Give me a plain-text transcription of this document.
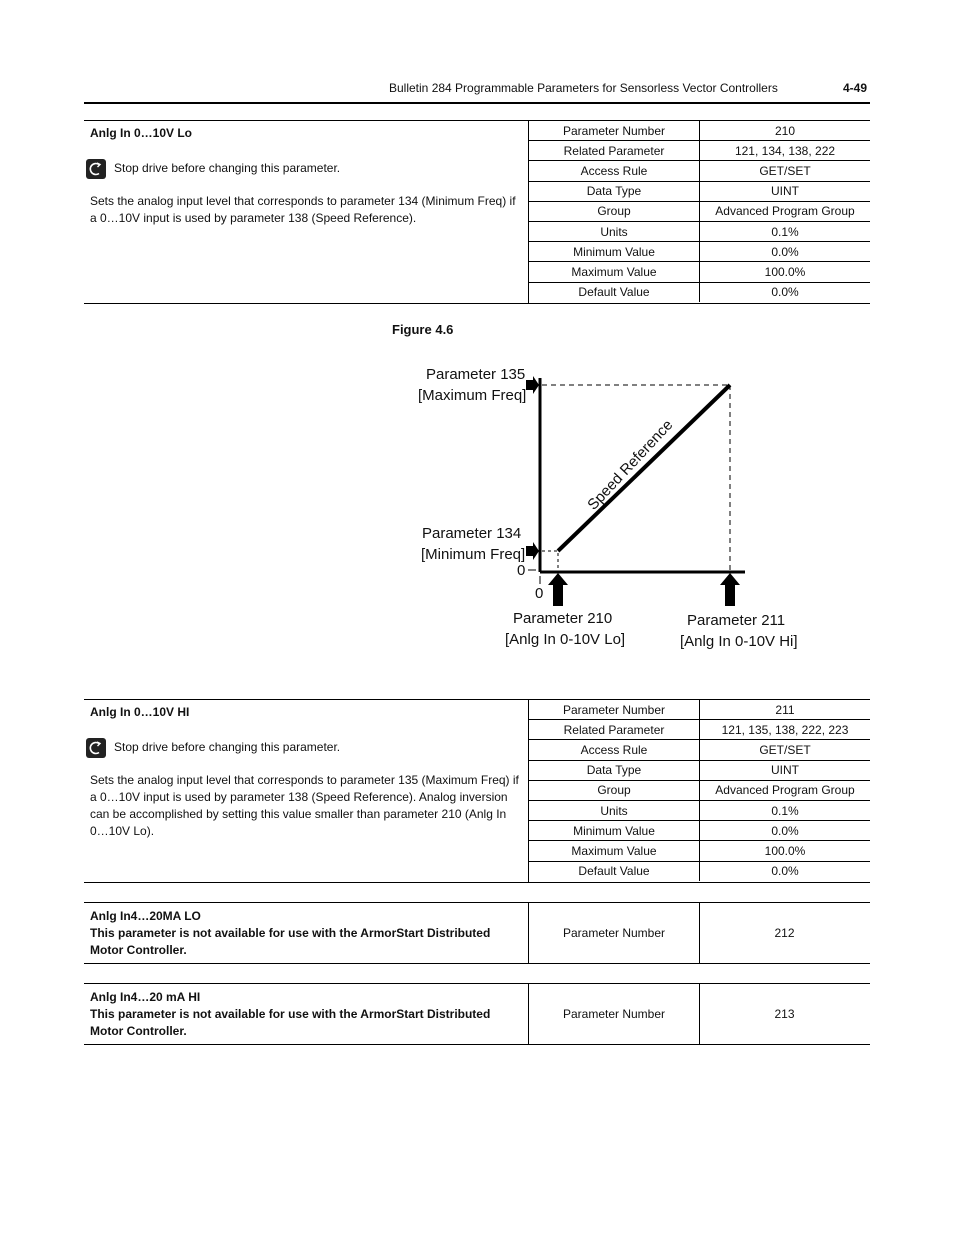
Bulletin 284 Programmable Parameters for Sensorless Vector Controllers	4-49
Anlg In 0…10V Lo
Stop drive before changing this parameter.
Sets the analog input level that corresponds to parameter 134 (Minimum Freq) if a 0…10V input is used by parameter 138 (Speed Reference).
Parameter Number	210
Related Parameter	121, 134, 138, 222
Access Rule	GET/SET
Data Type	UINT
Group	Advanced Program Group
Units	0.1%
Minimum Value	0.0%
Maximum Value	100.0%
Default Value	0.0%
Figure 4.6
Parameter 135
[Maximum Freq]
Parameter 134
[Minimum Freq]
0
0
Parameter 210
[Anlg In 0-10V Lo]
Parameter 211
[Anlg In 0-10V Hi]
Speed Reference
Anlg In 0…10V HI
Stop drive before changing this parameter.
Sets the analog input level that corresponds to parameter 135 (Maximum Freq) if a 0…10V input is used by parameter 138 (Speed Reference). Analog inversion can be accomplished by setting this value smaller than parameter 210 (Anlg In 0…10V Lo).
Parameter Number	211
Related Parameter	121, 135, 138, 222, 223
Access Rule	GET/SET
Data Type	UINT
Group	Advanced Program Group
Units	0.1%
Minimum Value	0.0%
Maximum Value	100.0%
Default Value	0.0%
Anlg In4…20MA LO
This parameter is not available for use with the ArmorStart Distributed Motor Controller.
Parameter Number	212
Anlg In4…20 mA HI
This parameter is not available for use with the ArmorStart Distributed Motor Controller.
Parameter Number	213
